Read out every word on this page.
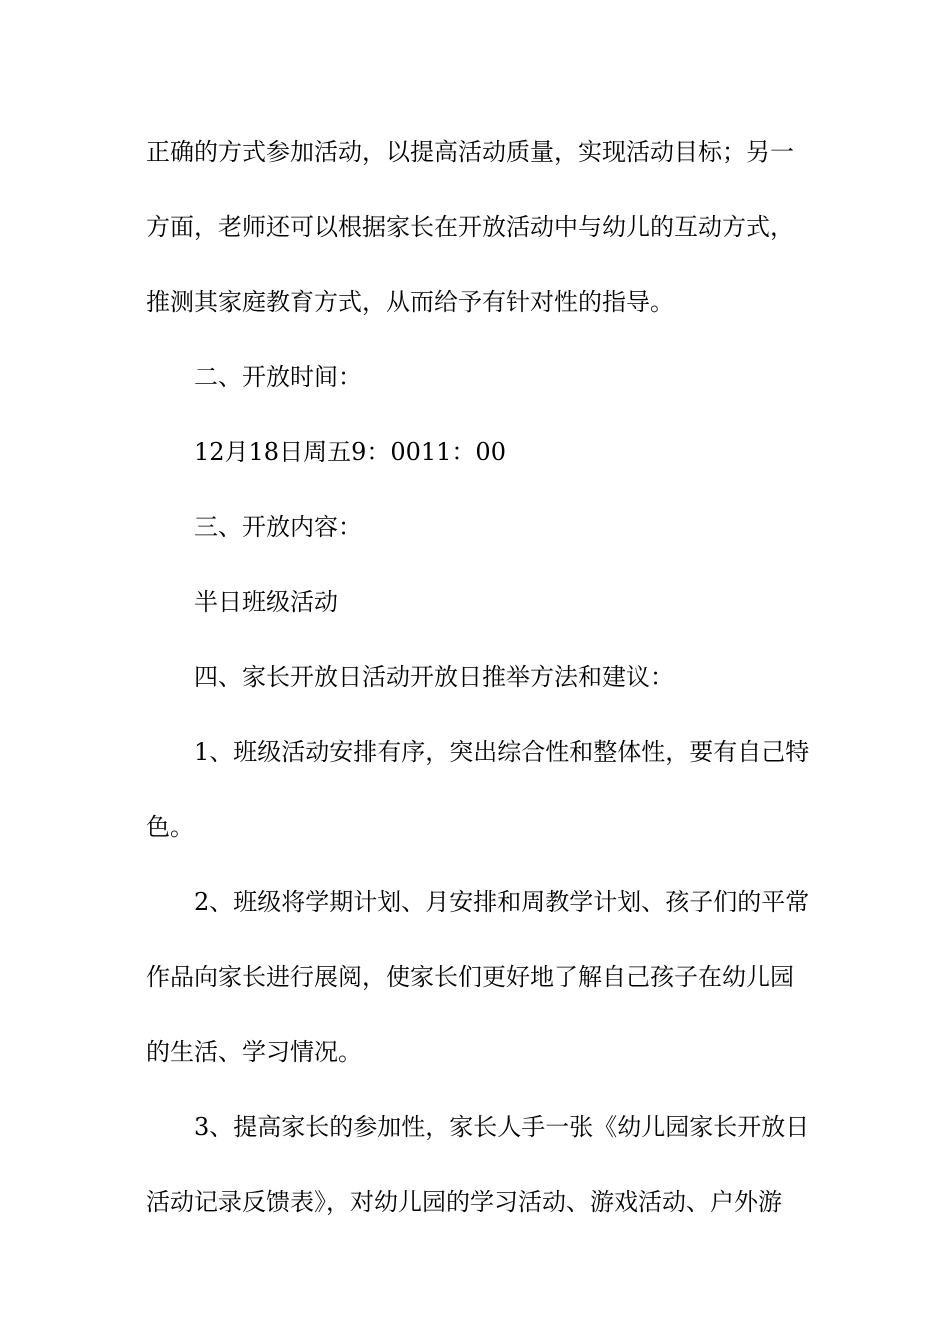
正确的方式参加活动，以提高活动质量，实现活动目标；另一
方面，老师还可以根据家长在开放活动中与幼儿的互动方式，
推测其家庭教育方式，从而给予有针对性的指导。
二、开放时间：
12月18日周五9：0011：00
三、开放内容：
半日班级活动
四、家长开放日活动开放日推举方法和建议：
1、班级活动安排有序，突出综合性和整体性，要有自己特
色。
2、班级将学期计划、月安排和周教学计划、孩子们的平常
作品向家长进行展阅，使家长们更好地了解自己孩子在幼儿园
的生活、学习情况。
3、提高家长的参加性，家长人手一张《幼儿园家长开放日
活动记录反馈表》，对幼儿园的学习活动、游戏活动、户外游
